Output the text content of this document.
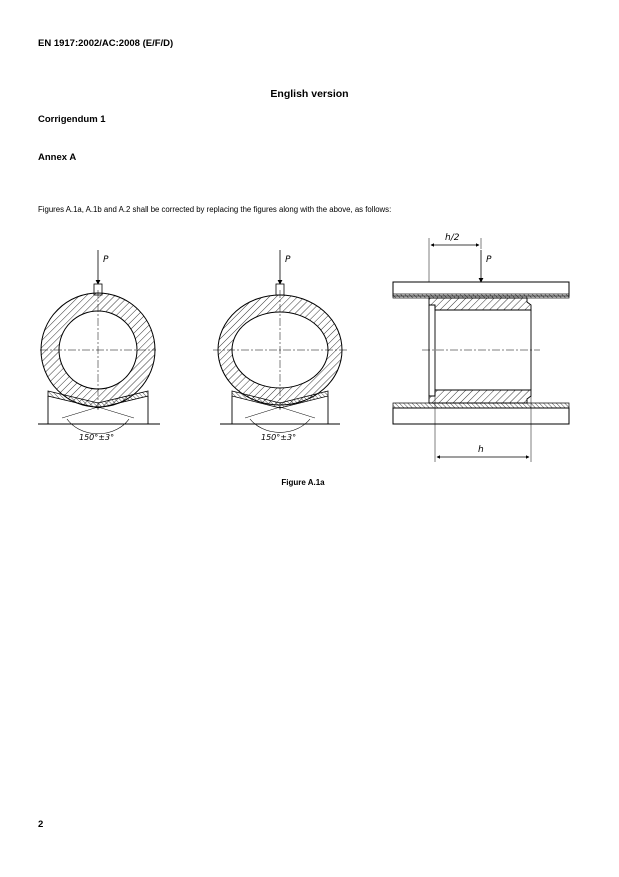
EN 1917:2002/AC:2008 (E/F/D)
English version
Corrigendum 1
Annex A
Figures A.1a, A.1b and A.2 shall be corrected by replacing the figures along with the above, as follows:
P
150°±3°
P
150°±3°
h/2
P
h
Figure A.1a
2
